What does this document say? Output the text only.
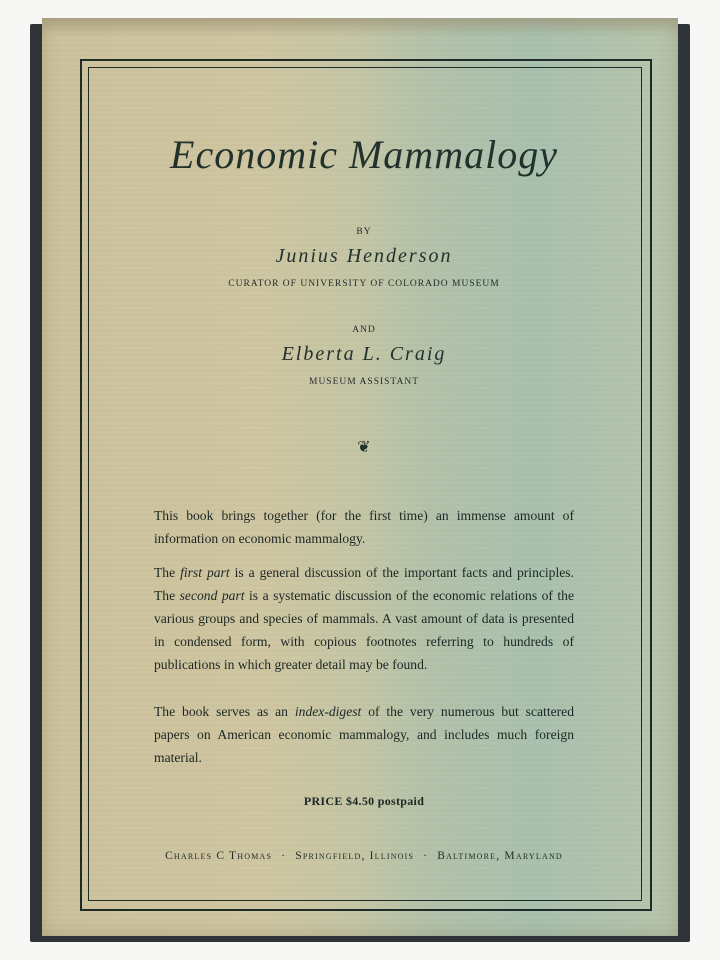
Economic Mammalogy
BY
Junius Henderson
CURATOR OF UNIVERSITY OF COLORADO MUSEUM
AND
Elberta L. Craig
MUSEUM ASSISTANT
❦
This book brings together (for the first time) an immense amount of information on economic mammalogy.
The first part is a general discussion of the important facts and principles. The second part is a systematic discussion of the economic relations of the various groups and species of mammals. A vast amount of data is presented in condensed form, with copious footnotes referring to hundreds of publications in which greater detail may be found.
The book serves as an index-digest of the very numerous but scattered papers on American economic mammalogy, and includes much foreign material.
PRICE $4.50 postpaid
Charles C Thomas · Springfield, Illinois · Baltimore, Maryland
